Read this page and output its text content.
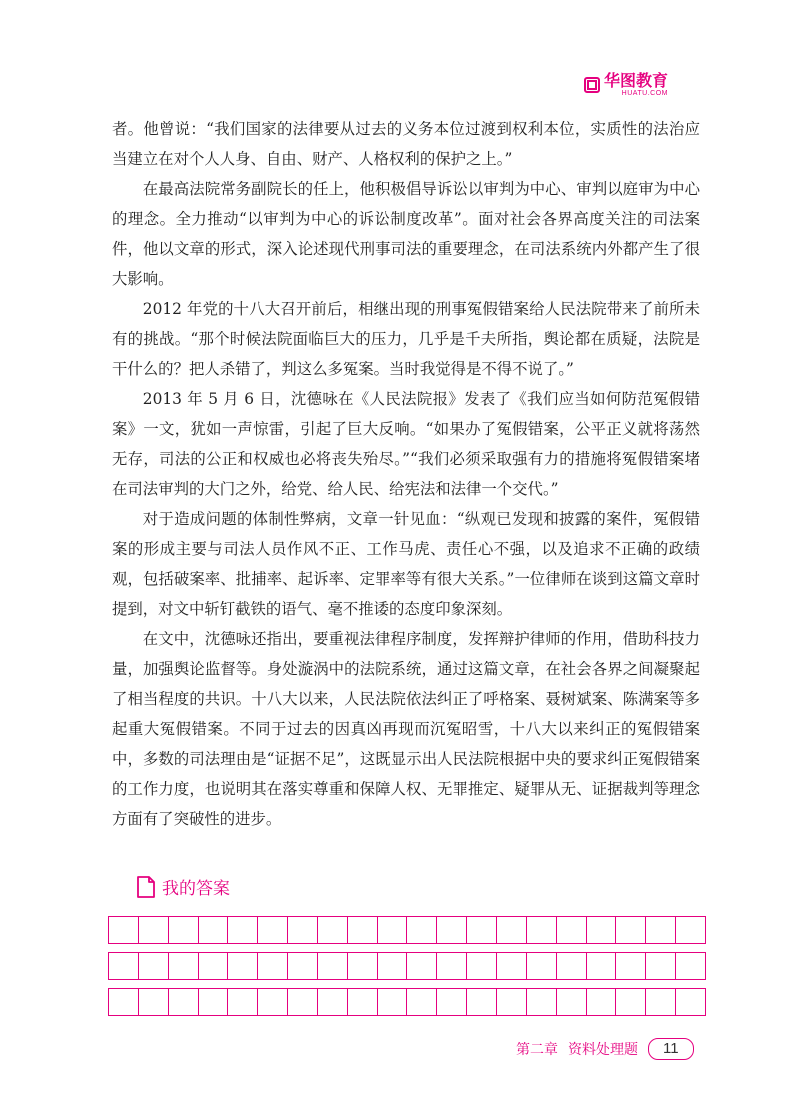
华图教育
HUATU.COM

者。他曾说：“我们国家的法律要从过去的义务本位过渡到权利本位，实质性的法治应当建立在对个人人身、自由、财产、人格权利的保护之上。”

在最高法院常务副院长的任上，他积极倡导诉讼以审判为中心、审判以庭审为中心的理念。全力推动“以审判为中心的诉讼制度改革”。面对社会各界高度关注的司法案件，他以文章的形式，深入论述现代刑事司法的重要理念，在司法系统内外都产生了很大影响。

2012 年党的十八大召开前后，相继出现的刑事冤假错案给人民法院带来了前所未有的挑战。“那个时候法院面临巨大的压力，几乎是千夫所指，舆论都在质疑，法院是干什么的？把人杀错了，判这么多冤案。当时我觉得是不得不说了。”

2013 年 5 月 6 日，沈德咏在《人民法院报》发表了《我们应当如何防范冤假错案》一文，犹如一声惊雷，引起了巨大反响。“如果办了冤假错案，公平正义就将荡然无存，司法的公正和权威也必将丧失殆尽。”“我们必须采取强有力的措施将冤假错案堵在司法审判的大门之外，给党、给人民、给宪法和法律一个交代。”

对于造成问题的体制性弊病，文章一针见血：“纵观已发现和披露的案件，冤假错案的形成主要与司法人员作风不正、工作马虎、责任心不强，以及追求不正确的政绩观，包括破案率、批捕率、起诉率、定罪率等有很大关系。”一位律师在谈到这篇文章时提到，对文中斩钉截铁的语气、毫不推诿的态度印象深刻。

在文中，沈德咏还指出，要重视法律程序制度，发挥辩护律师的作用，借助科技力量，加强舆论监督等。身处漩涡中的法院系统，通过这篇文章，在社会各界之间凝聚起了相当程度的共识。十八大以来，人民法院依法纠正了呼格案、聂树斌案、陈满案等多起重大冤假错案。不同于过去的因真凶再现而沉冤昭雪，十八大以来纠正的冤假错案中，多数的司法理由是“证据不足”，这既显示出人民法院根据中央的要求纠正冤假错案的工作力度，也说明其在落实尊重和保障人权、无罪推定、疑罪从无、证据裁判等理念方面有了突破性的进步。

我的答案
第二章 资料处理题	11
